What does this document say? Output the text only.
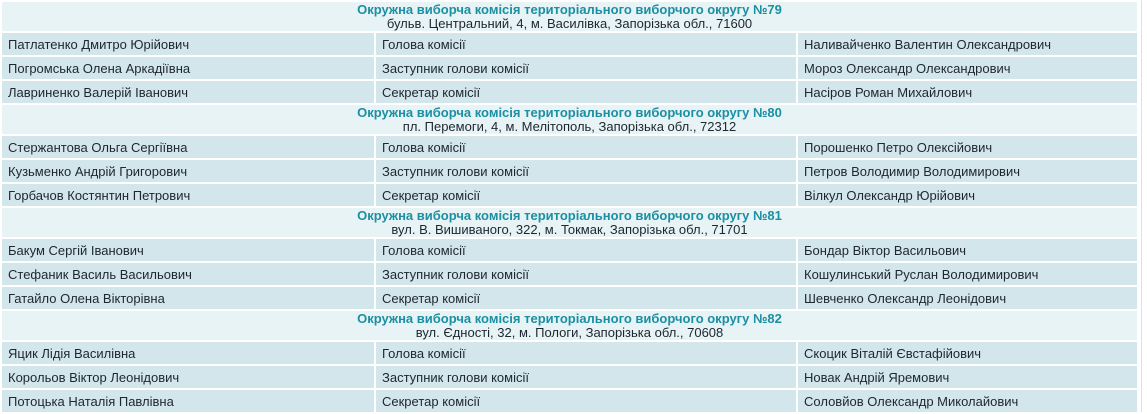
Окружна виборча комісія територіального виборчого округу №79
бульв. Центральний, 4, м. Василівка, Запорізька обл., 71600		

Патлатенко Дмитро Юрійович	Голова комісії	Наливайченко Валентин Олександрович
Погромська Олена Аркадіївна	Заступник голови комісії	Мороз Олександр Олександрович
Лавриненко Валерій Іванович	Секретар комісії	Насіров Роман Михайлович

Окружна виборча комісія територіального виборчого округу №80
пл. Перемоги, 4, м. Мелітополь, Запорізька обл., 72312		

Стержантова Ольга Сергіївна	Голова комісії	Порошенко Петро Олексійович
Кузьменко Андрій Григорович	Заступник голови комісії	Петров Володимир Володимирович
Горбачов Костянтин Петрович	Секретар комісії	Вілкул Олександр Юрійович

Окружна виборча комісія територіального виборчого округу №81
вул. В. Вишиваного, 322, м. Токмак, Запорізька обл., 71701		

Бакум Сергій Іванович	Голова комісії	Бондар Віктор Васильович
Стефаник Василь Васильович	Заступник голови комісії	Кошулинський Руслан Володимирович
Гатайло Олена Вікторівна	Секретар комісії	Шевченко Олександр Леонідович

Окружна виборча комісія територіального виборчого округу №82
вул. Єдності, 32, м. Пологи, Запорізька обл., 70608		

Яцик Лідія Василівна	Голова комісії	Скоцик Віталій Євстафійович
Корольов Віктор Леонідович	Заступник голови комісії	Новак Андрій Яремович
Потоцька Наталія Павлівна	Секретар комісії	Соловйов Олександр Миколайович
